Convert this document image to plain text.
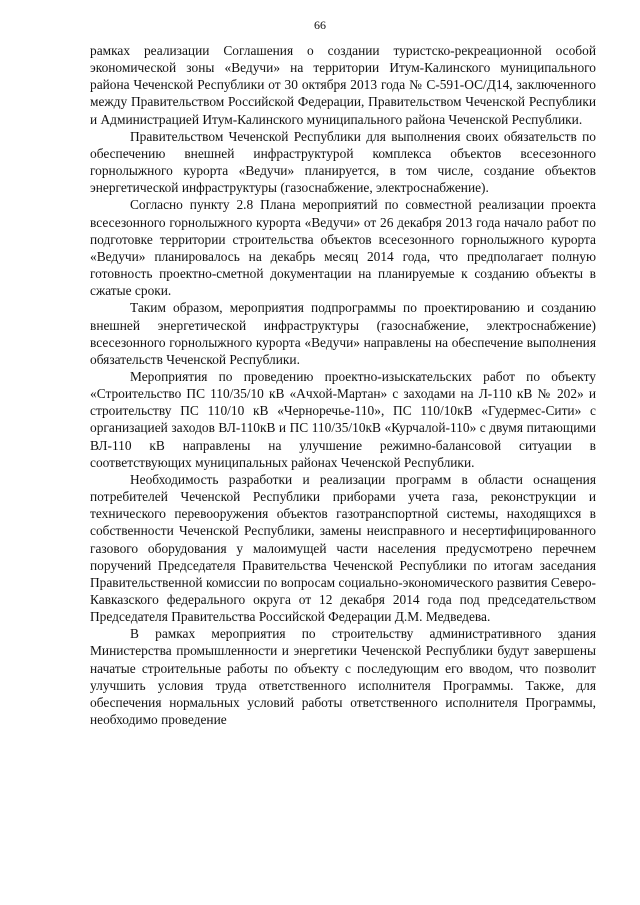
66

рамках реализации Соглашения о создании туристско-рекреационной особой экономической зоны «Ведучи» на территории Итум-Калинского муниципального района Чеченской Республики от 30 октября 2013 года № С-591-ОС/Д14, заключенного между Правительством Российской Федерации, Правительством Чеченской Республики и Администрацией Итум-Калинского муниципального района Чеченской Республики.

Правительством Чеченской Республики для выполнения своих обязательств по обеспечению внешней инфраструктурой комплекса объектов всесезонного горнолыжного курорта «Ведучи» планируется, в том числе, создание объектов энергетической инфраструктуры (газоснабжение, электроснабжение).

Согласно пункту 2.8 Плана мероприятий по совместной реализации проекта всесезонного горнолыжного курорта «Ведучи» от 26 декабря 2013 года начало работ по подготовке территории строительства объектов всесезонного горнолыжного курорта «Ведучи» планировалось на декабрь месяц 2014 года, что предполагает полную готовность проектно-сметной документации на планируемые к созданию объекты в сжатые сроки.

Таким образом, мероприятия подпрограммы по проектированию и созданию внешней энергетической инфраструктуры (газоснабжение, электроснабжение) всесезонного горнолыжного курорта «Ведучи» направлены на обеспечение выполнения обязательств Чеченской Республики.

Мероприятия по проведению проектно-изыскательских работ по объекту «Строительство ПС 110/35/10 кВ «Ачхой-Мартан» с заходами на Л-110 кВ № 202» и строительству ПС 110/10 кВ «Черноречье-110», ПС 110/10кВ «Гудермес-Сити» с организацией заходов ВЛ-110кВ и ПС 110/35/10кВ «Курчалой-110» с двумя питающими ВЛ-110 кВ направлены на улучшение режимно-балансовой ситуации в соответствующих муниципальных районах Чеченской Республики.

Необходимость разработки и реализации программ в области оснащения потребителей Чеченской Республики приборами учета газа, реконструкции и технического перевооружения объектов газотранспортной системы, находящихся в собственности Чеченской Республики, замены неисправного и несертифицированного газового оборудования у малоимущей части населения предусмотрено перечнем поручений Председателя Правительства Чеченской Республики по итогам заседания Правительственной комиссии по вопросам социально-экономического развития Северо-Кавказского федерального округа от 12 декабря 2014 года под председательством Председателя Правительства Российской Федерации Д.М. Медведева.

В рамках мероприятия по строительству административного здания Министерства промышленности и энергетики Чеченской Республики будут завершены начатые строительные работы по объекту с последующим его вводом, что позволит улучшить условия труда ответственного исполнителя Программы. Также, для обеспечения нормальных условий работы ответственного исполнителя Программы, необходимо проведение
